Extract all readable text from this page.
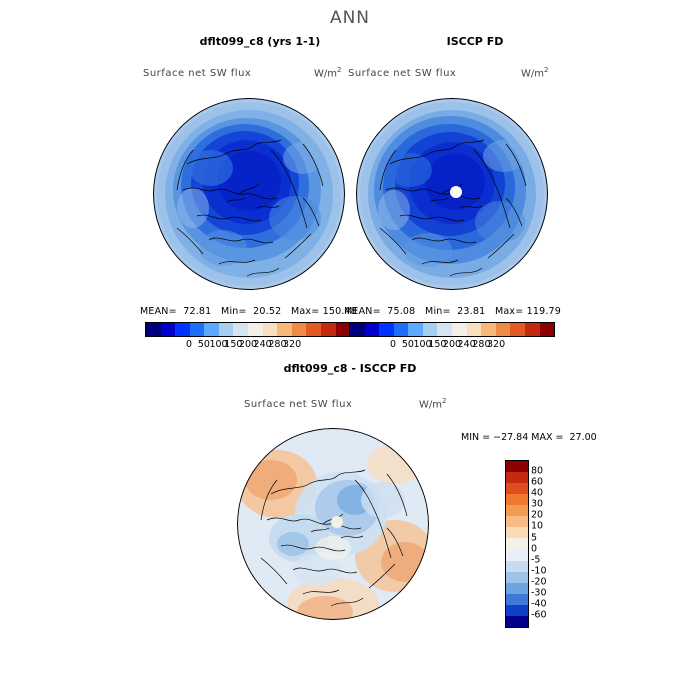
ANN
dflt099_c8 (yrs 1-1)
Surface net SW flux	$W/m^2$
MEAN=  72.81   Min=  20.52   Max= 150.48
0 50 100
150
200
240
280
320
ISCCP FD
Surface net SW flux	$W/m^2$
MEAN=  75.08   Min=  23.81   Max= 119.79
0 50 100
150
200
240
280
320
dflt099_c8 - ISCCP FD
Surface net SW flux	$W/m^2$
MIN = −27.84 MAX =  27.00
80
60
40
30
20
10
5
0
-5
-10
-20
-30
-40
-60
